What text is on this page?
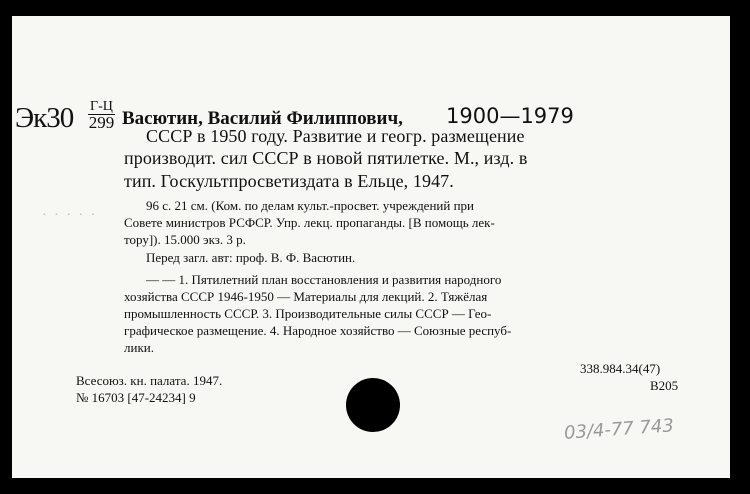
Эк30 Г-Ц
299 Васютин, Василий Филиппович, 1900—1979
СССР в 1950 году. Развитие и геогр. размещение
производит. сил СССР в новой пятилетке. М., изд. в
тип. Госкультпросветиздата в Ельце, 1947.
· · · · ·
96 с. 21 см. (Ком. по делам культ.-просвет. учреждений при
Совете министров РСФСР. Упр. лекц. пропаганды. [В помощь лек-
тору]). 15.000 экз. 3 р.
Перед загл. авт: проф. В. Ф. Васютин.
— — 1. Пятилетний план восстановления и развития народного
хозяйства СССР 1946-1950 — Материалы для лекций. 2. Тяжёлая
промышленность СССР. 3. Производительные силы СССР — Гео-
графическое размещение. 4. Народное хозяйство — Союзные респуб-
лики.
Всесоюз. кн. палата. 1947.
№ 16703 [47-24234] 9
338.984.34(47)
В205
03/4-77 743
